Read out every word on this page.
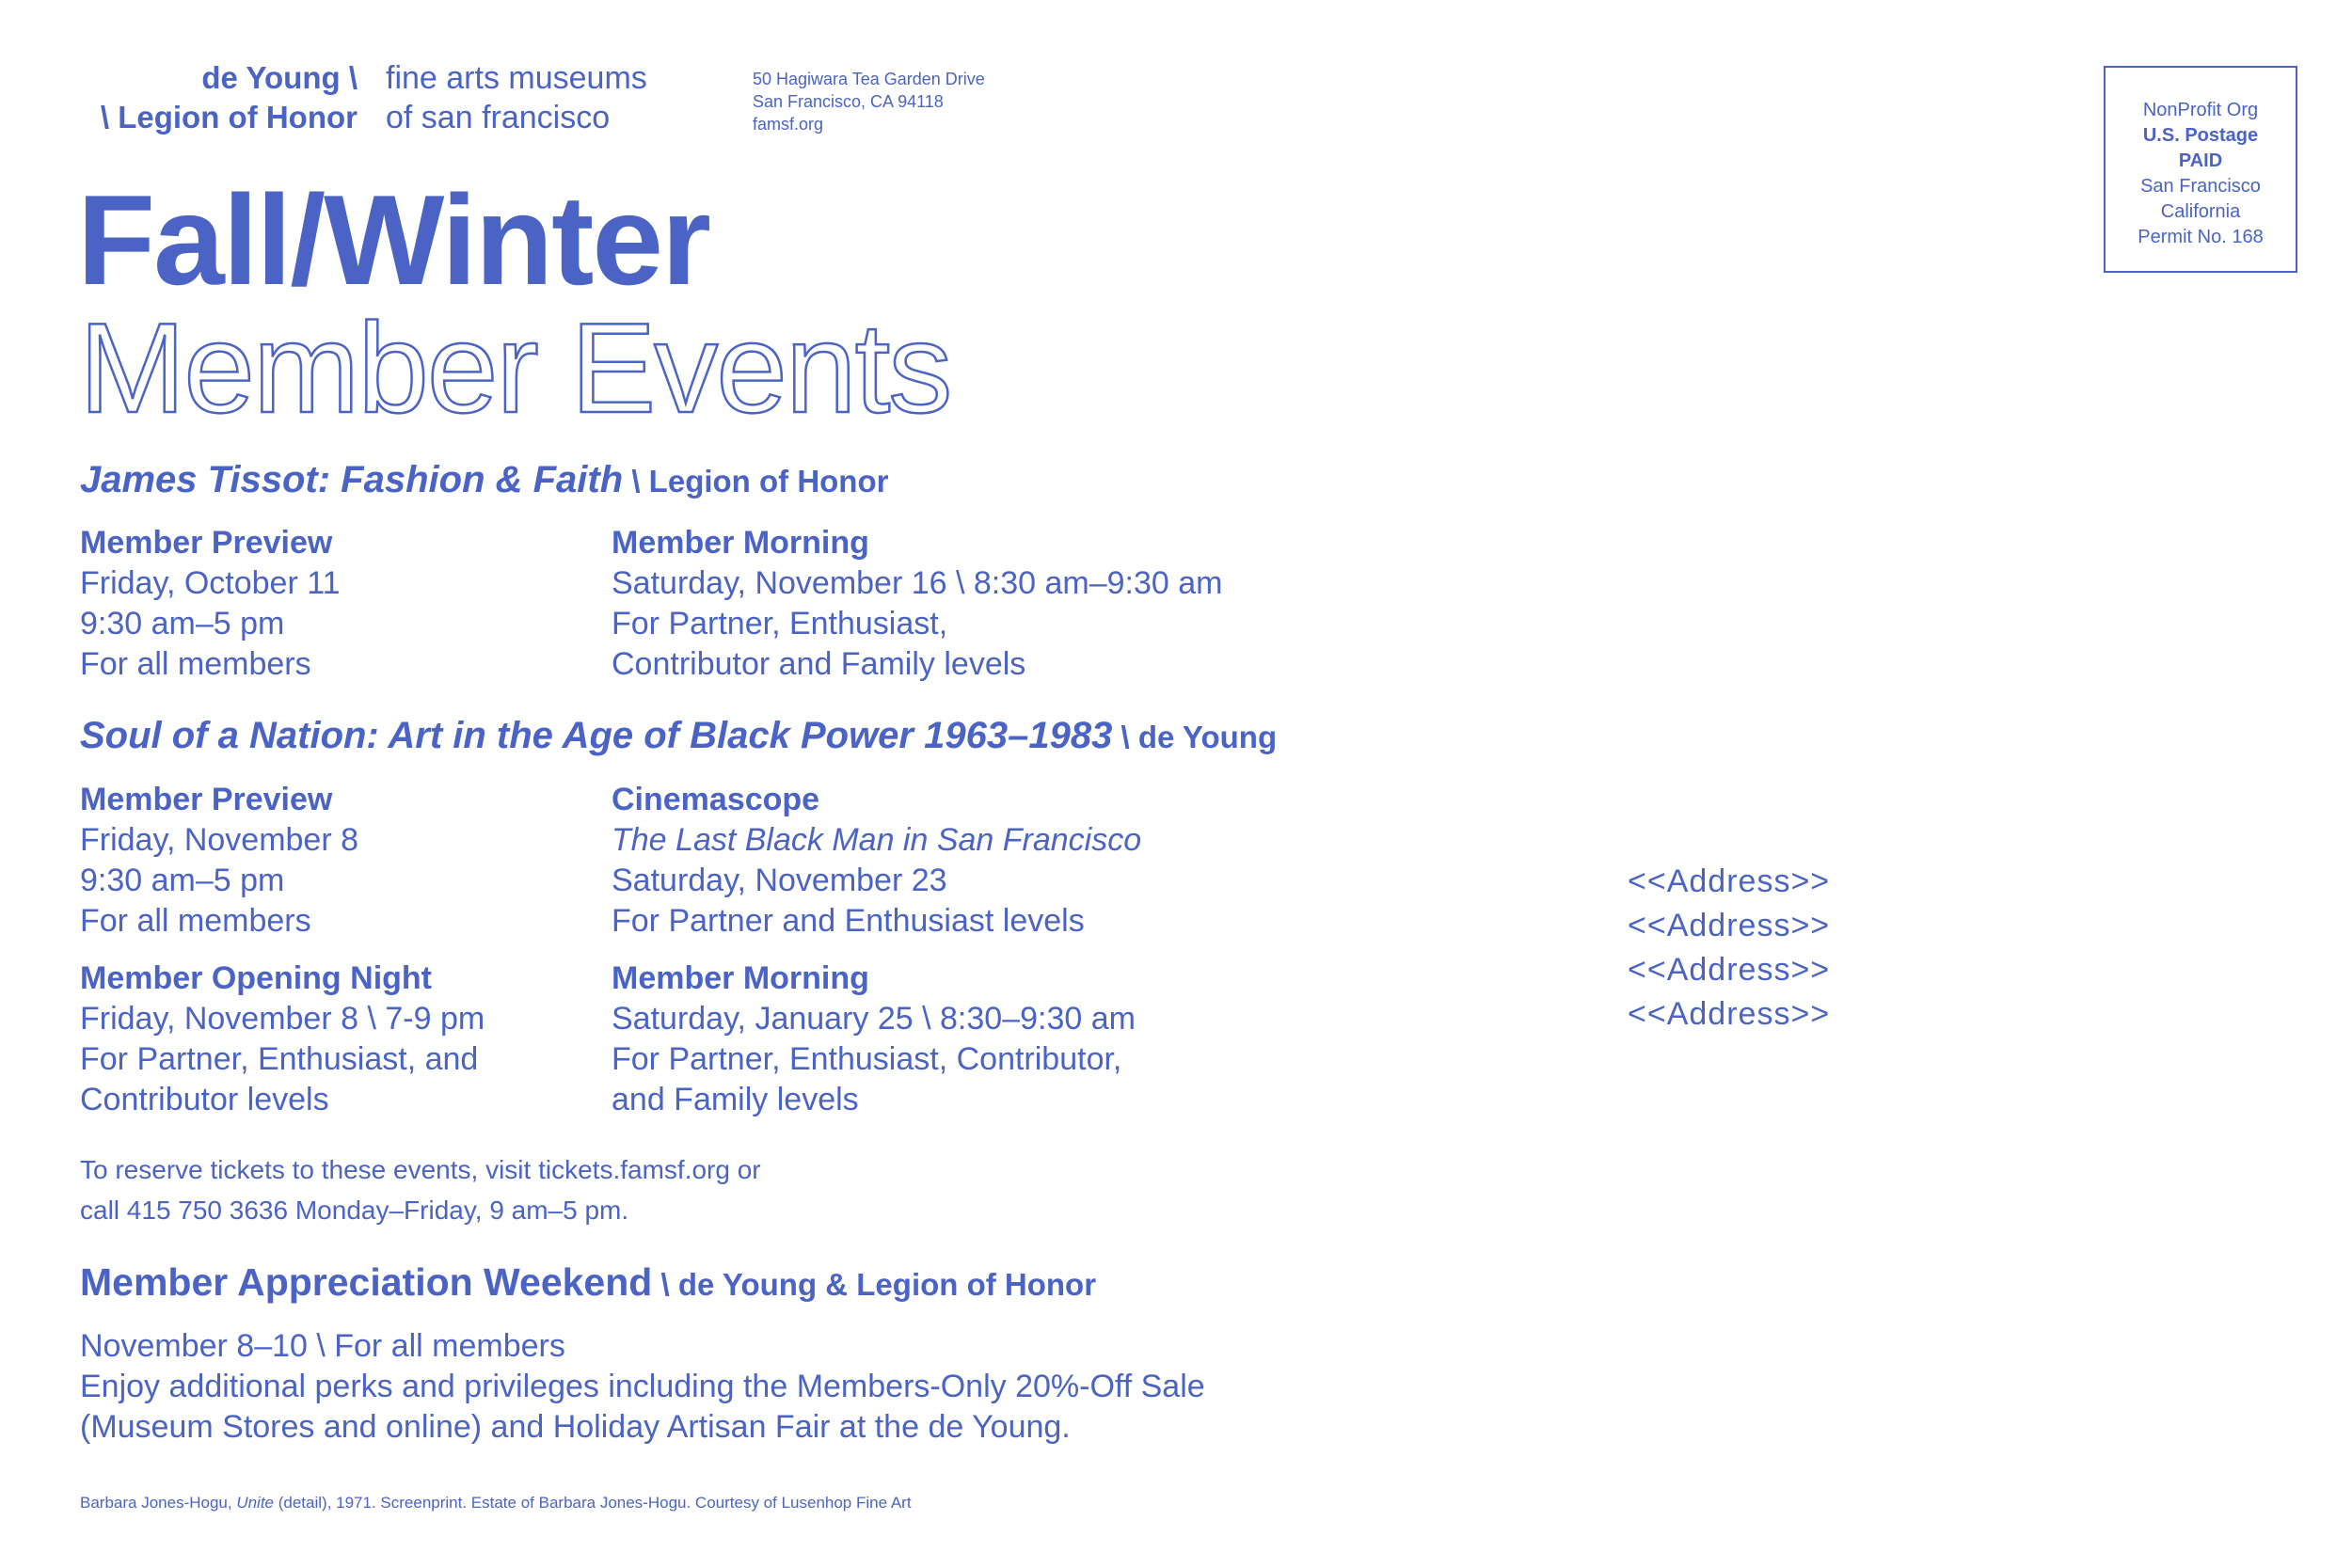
de Young \
\ Legion of Honor
fine arts museums
of san francisco
50 Hagiwara Tea Garden Drive
San Francisco, CA 94118
famsf.org
NonProfit Org
U.S. Postage
PAID
San Francisco
California
Permit No. 168
Fall/Winter
Member Events
James Tissot: Fashion & Faith \ Legion of Honor
Member Preview
Friday, October 11
9:30 am–5 pm
For all members
Member Morning
Saturday, November 16 \ 8:30 am–9:30 am
For Partner, Enthusiast,
Contributor and Family levels
Soul of a Nation: Art in the Age of Black Power 1963–1983 \ de Young
Member Preview
Friday, November 8
9:30 am–5 pm
For all members
Cinemascope
The Last Black Man in San Francisco
Saturday, November 23
For Partner and Enthusiast levels
Member Opening Night
Friday, November 8 \ 7-9 pm
For Partner, Enthusiast, and
Contributor levels
Member Morning
Saturday, January 25 \ 8:30–9:30 am
For Partner, Enthusiast, Contributor,
and Family levels
To reserve tickets to these events, visit tickets.famsf.org or
call 415 750 3636 Monday–Friday, 9 am–5 pm.
Member Appreciation Weekend \ de Young & Legion of Honor
November 8–10 \ For all members
Enjoy additional perks and privileges including the Members-Only 20%-Off Sale
(Museum Stores and online) and Holiday Artisan Fair at the de Young.
Barbara Jones-Hogu, Unite (detail), 1971. Screenprint. Estate of Barbara Jones-Hogu. Courtesy of Lusenhop Fine Art
<<Address>>
<<Address>>
<<Address>>
<<Address>>
